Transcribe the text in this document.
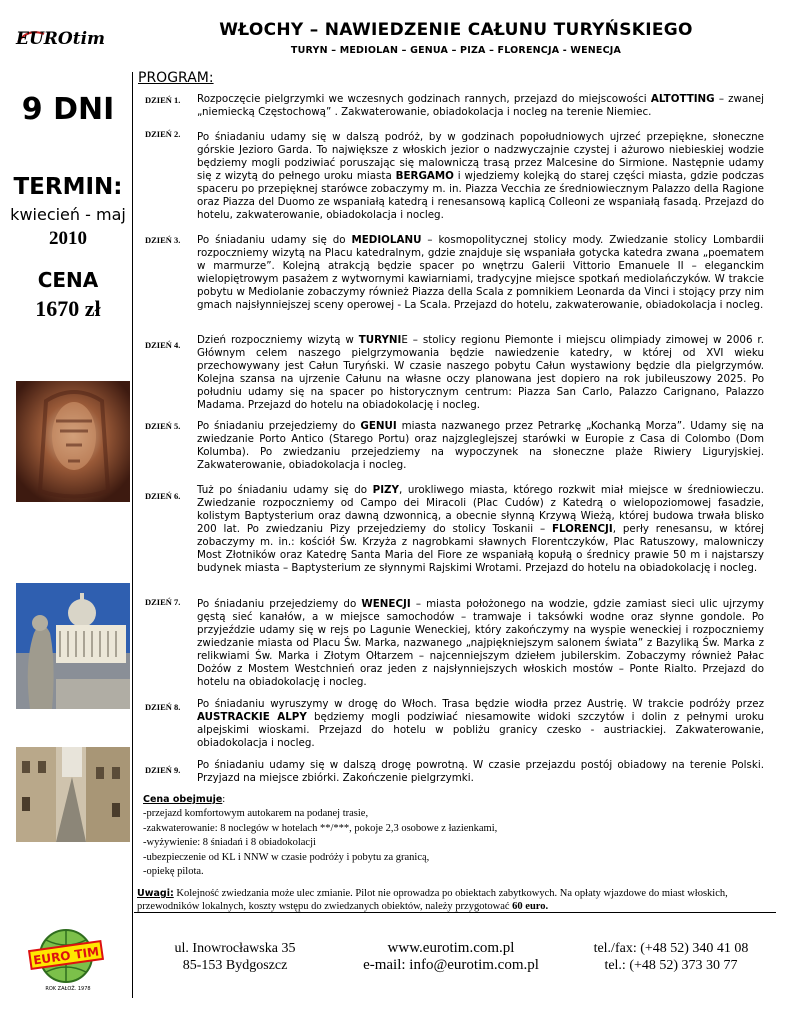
EUROtim	WŁOCHY – NAWIEDZENIE CAŁUNU TURYŃSKIEGO
TURYN – MEDIOLAN – GENUA – PIZA – FLORENCJA - WENECJA
9 DNI
TERMIN:
kwiecień - maj
2010
CENA
1670 zł
PROGRAM:
DZIEŃ 1. Rozpoczęcie pielgrzymki we wczesnych godzinach rannych, przejazd do miejscowości ALTOTTING – zwanej „niemiecką Częstochową” . Zakwaterowanie, obiadokolacja i nocleg na terenie Niemiec.
DZIEŃ 2. Po śniadaniu udamy się w dalszą podróż, by w godzinach popołudniowych ujrzeć przepiękne, słoneczne górskie Jezioro Garda. To największe z włoskich jezior o nadzwyczajnie czystej i ażurowo niebieskiej wodzie będziemy mogli podziwiać poruszając się malowniczą trasą przez Malcesine do Sirmione. Następnie udamy się z wizytą do pełnego uroku miasta BERGAMO i wjedziemy kolejką do starej części miasta, gdzie podczas spaceru po przepięknej starówce zobaczymy m. in. Piazza Vecchia ze średniowiecznym Palazzo della Ragione oraz Piazza del Duomo ze wspaniałą katedrą i renesansową kaplicą Colleoni ze wspaniałą fasadą. Przejazd do hotelu, zakwaterowanie, obiadokolacja i nocleg.
DZIEŃ 3. Po śniadaniu udamy się do MEDIOLANU – kosmopolitycznej stolicy mody. Zwiedzanie stolicy Lombardii rozpoczniemy wizytą na Placu katedralnym, gdzie znajduje się wspaniała gotycka katedra zwana „poematem w marmurze”. Kolejną atrakcją będzie spacer po wnętrzu Galerii Vittorio Emanuele II – eleganckim wielopiętrowym pasażem z wytwornymi kawiarniami, tradycyjne miejsce spotkań mediolańczyków. W trakcie pobytu w Mediolanie zobaczymy również Piazza della Scala z pomnikiem Leonarda da Vinci i stojący przy nim gmach najsłynniejszej sceny operowej - La Scala. Przejazd do hotelu, zakwaterowanie, obiadokolacja i nocleg.
DZIEŃ 4. Dzień rozpoczniemy wizytą w TURYNIE – stolicy regionu Piemonte i miejscu olimpiady zimowej w 2006 r. Głównym celem naszego pielgrzymowania będzie nawiedzenie katedry, w której od XVI wieku przechowywany jest Całun Turyński. W czasie naszego pobytu Całun wystawiony będzie dla pielgrzymów. Kolejna szansa na ujrzenie Całunu na własne oczy planowana jest dopiero na rok jubileuszowy 2025. Po południu udamy się na spacer po historycznym centrum: Piazza San Carlo, Palazzo Carignano, Palazzo Madama. Przejazd do hotelu na obiadokolację i nocleg.
DZIEŃ 5. Po śniadaniu przejedziemy do GENUI miasta nazwanego przez Petrarkę „Kochanką Morza”. Udamy się na zwiedzanie Porto Antico (Starego Portu) oraz najzgleglejszej starówki w Europie z Casa di Colombo (Dom Kolumba). Po zwiedzaniu przejedziemy na wypoczynek na słoneczne plaże Riwiery Liguryjskiej. Zakwaterowanie, obiadokolacja i nocleg.
DZIEŃ 6. Tuż po śniadaniu udamy się do PIZY, urokliwego miasta, którego rozkwit miał miejsce w średniowieczu. Zwiedzanie rozpoczniemy od Campo dei Miracoli (Plac Cudów) z Katedrą o wielopoziomowej fasadzie, kolistym Baptysterium oraz dawną dzwonnicą, a obecnie słynną Krzywą Wieżą, której budowa trwała blisko 200 lat. Po zwiedzaniu Pizy przejedziemy do stolicy Toskanii – FLORENCJI, perły renesansu, w której zobaczymy m. in.: kościół Św. Krzyża z nagrobkami sławnych Florentczyków, Plac Ratuszowy, malowniczy Most Złotników oraz Katedrę Santa Maria del Fiore ze wspaniałą kopułą o średnicy prawie 50 m i najstarszy budynek miasta – Baptysterium ze słynnymi Rajskimi Wrotami. Przejazd do hotelu na obiadokolację i nocleg.
DZIEŃ 7. Po śniadaniu przejedziemy do WENECJI – miasta położonego na wodzie, gdzie zamiast sieci ulic ujrzymy gęstą sieć kanałów, a w miejsce samochodów – tramwaje i taksówki wodne oraz słynne gondole. Po przyjeździe udamy się w rejs po Lagunie Weneckiej, który zakończymy na wyspie weneckiej i rozpoczniemy zwiedzanie miasta od Placu Św. Marka, nazwanego „najpiękniejszym salonem świata” z Bazyliką Św. Marka z relikwiami Św. Marka i Złotym Ołtarzem – najcenniejszym dziełem jubilerskim. Zobaczymy również Pałac Dożów z Mostem Westchnień oraz jeden z najsłynniejszych włoskich mostów – Ponte Rialto. Przejazd do hotelu na obiadokolację i nocleg.
DZIEŃ 8. Po śniadaniu wyruszymy w drogę do Włoch. Trasa będzie wiodła przez Austrię. W trakcie podróży przez AUSTRACKIE ALPY będziemy mogli podziwiać niesamowite widoki szczytów i dolin z pełnymi uroku alpejskimi wioskami. Przejazd do hotelu w pobliżu granicy czesko - austriackiej. Zakwaterowanie, obiadokolacja i nocleg.
DZIEŃ 9. Po śniadaniu udamy się w dalszą drogę powrotną. W czasie przejazdu postój obiadowy na terenie Polski. Przyjazd na miejsce zbiórki. Zakończenie pielgrzymki.
Cena obejmuje:
-przejazd komfortowym autokarem na podanej trasie,
-zakwaterowanie: 8 noclegów w hotelach **/***, pokoje 2,3 osobowe z łazienkami,
-wyżywienie: 8 śniadań i 8 obiadokolacji
-ubezpieczenie od KL i NNW w czasie podróży i pobytu za granicą,
-opiekę pilota.
Uwagi: Kolejność zwiedzania może ulec zmianie. Pilot nie oprowadza po obiektach zabytkowych. Na opłaty wjazdowe do miast włoskich, przewodników lokalnych, koszty wstępu do zwiedzanych obiektów, należy przygotować 60 euro.
EURO TIM
ROK ZAŁOŻ. 1978
ul. Inowrocławska 35
85-153 Bydgoszcz
www.eurotim.com.pl
e-mail: info@eurotim.com.pl
tel./fax: (+48 52) 340 41 08
tel.: (+48 52) 373 30 77
